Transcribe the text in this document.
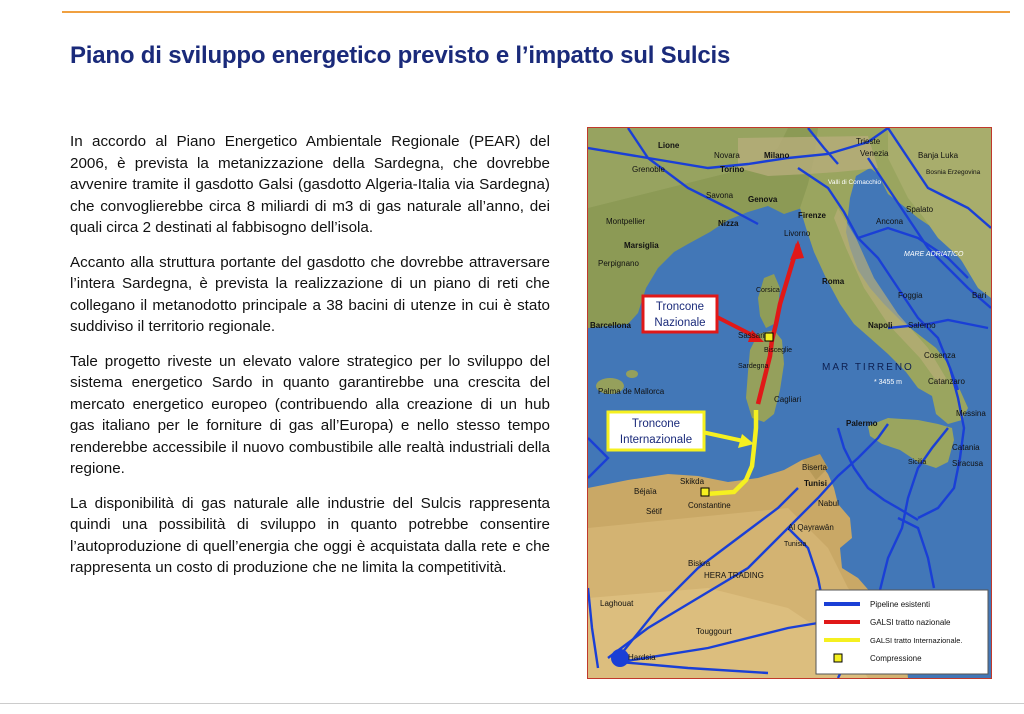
Piano di sviluppo energetico previsto e l’impatto sul Sulcis

In accordo al Piano Energetico Ambientale Regionale (PEAR) del 2006, è prevista la metanizzazione della Sardegna, che dovrebbe avvenire tramite il gasdotto Galsi (gasdotto Algeria-Italia via Sardegna) che convoglierebbe circa 8 miliardi di m3 di gas naturale all’anno, dei quali circa 2 destinati al fabbisogno dell’isola.

Accanto alla struttura portante del gasdotto che dovrebbe attraversare l’intera Sardegna, è prevista la realizzazione di un piano di reti che collegano il metanodotto principale a 38 bacini di utenze in cui è stato suddiviso il territorio regionale.

Tale progetto riveste un elevato valore strategico per lo sviluppo del sistema energetico Sardo in quanto garantirebbe una crescita del mercato energetico europeo (contribuendo alla creazione di un hub gas italiano per le forniture di gas all’Europa) e nello stesso tempo renderebbe accessibile il nuovo combustibile alle realtà industriali della regione.

La disponibilità di gas naturale alle industrie del Sulcis rappresenta quindi una possibilità di sviluppo in quanto potrebbe consentire l’autoproduzione di quell’energia che oggi è acquistata dalla rete e che rappresenta un costo di produzione che ne limita la competitività.

Troncone
Nazionale
Troncone
Internazionale
Trieste
Venezia
Milano
Novara
Torino
Lione
Grenoble
Genova
Savona
Nizza
Marsiglia
Montpellier
Perpignano
Barcellona
Firenze
Livorno
Ancona
Spalato
Banja Luka
Bosnia Erzegovina
Roma
Napoli
Bari
Foggia
Salerno
Cosenza
Catanzaro
Messina
Palermo
Catania
Siracusa
Sicilia
Cagliari
Sassari
Sardegna
Corsica
Palma de Mallorca
Bisceglie
Biserta
Tunisi
Nabul
Skikda
Béjaïa
Sétif
Constantine
Biskra
Touggourt
Laghouat
Hardsia
Al Qayrawān
Tunisia
Valli di Comacchio
MAR TIRRENO
MARE ADRIATICO
* 3455 m
HERA TRADING
Pipeline esistenti
GALSI tratto nazionale
GALSI tratto Internazionale.
Compressione
